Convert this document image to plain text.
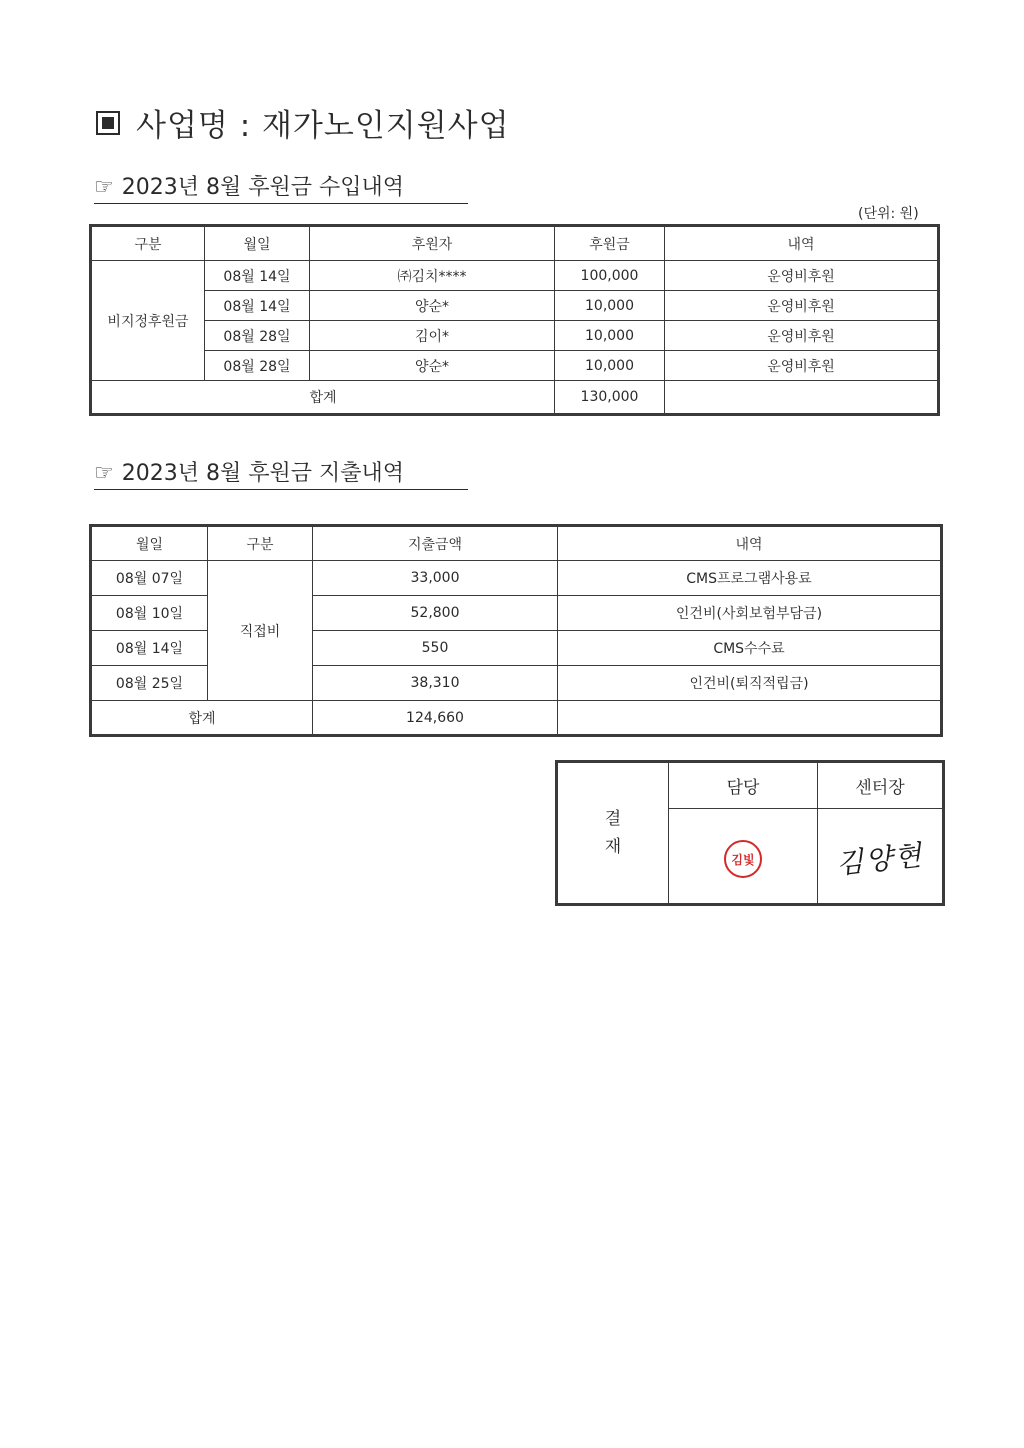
사업명 : 재가노인지원사업
☞ 2023년 8월 후원금 수입내역
(단위: 원)
구분	월일	후원자	후원금	내역
비지정후원금	08월 14일	㈜김치****	100,000	운영비후원
	08월 14일	양순*	10,000	운영비후원
	08월 28일	김이*	10,000	운영비후원
	08월 28일	양순*	10,000	운영비후원
합계			130,000	
☞ 2023년 8월 후원금 지출내역
월일	구분	지출금액	내역
08월 07일	직접비	33,000	CMS프로그램사용료
08월 10일		52,800	인건비(사회보험부담금)
08월 14일		550	CMS수수료
08월 25일		38,310	인건비(퇴직적립금)
합계		124,660	
결
재	담당	센터장
	김빛	김양현
